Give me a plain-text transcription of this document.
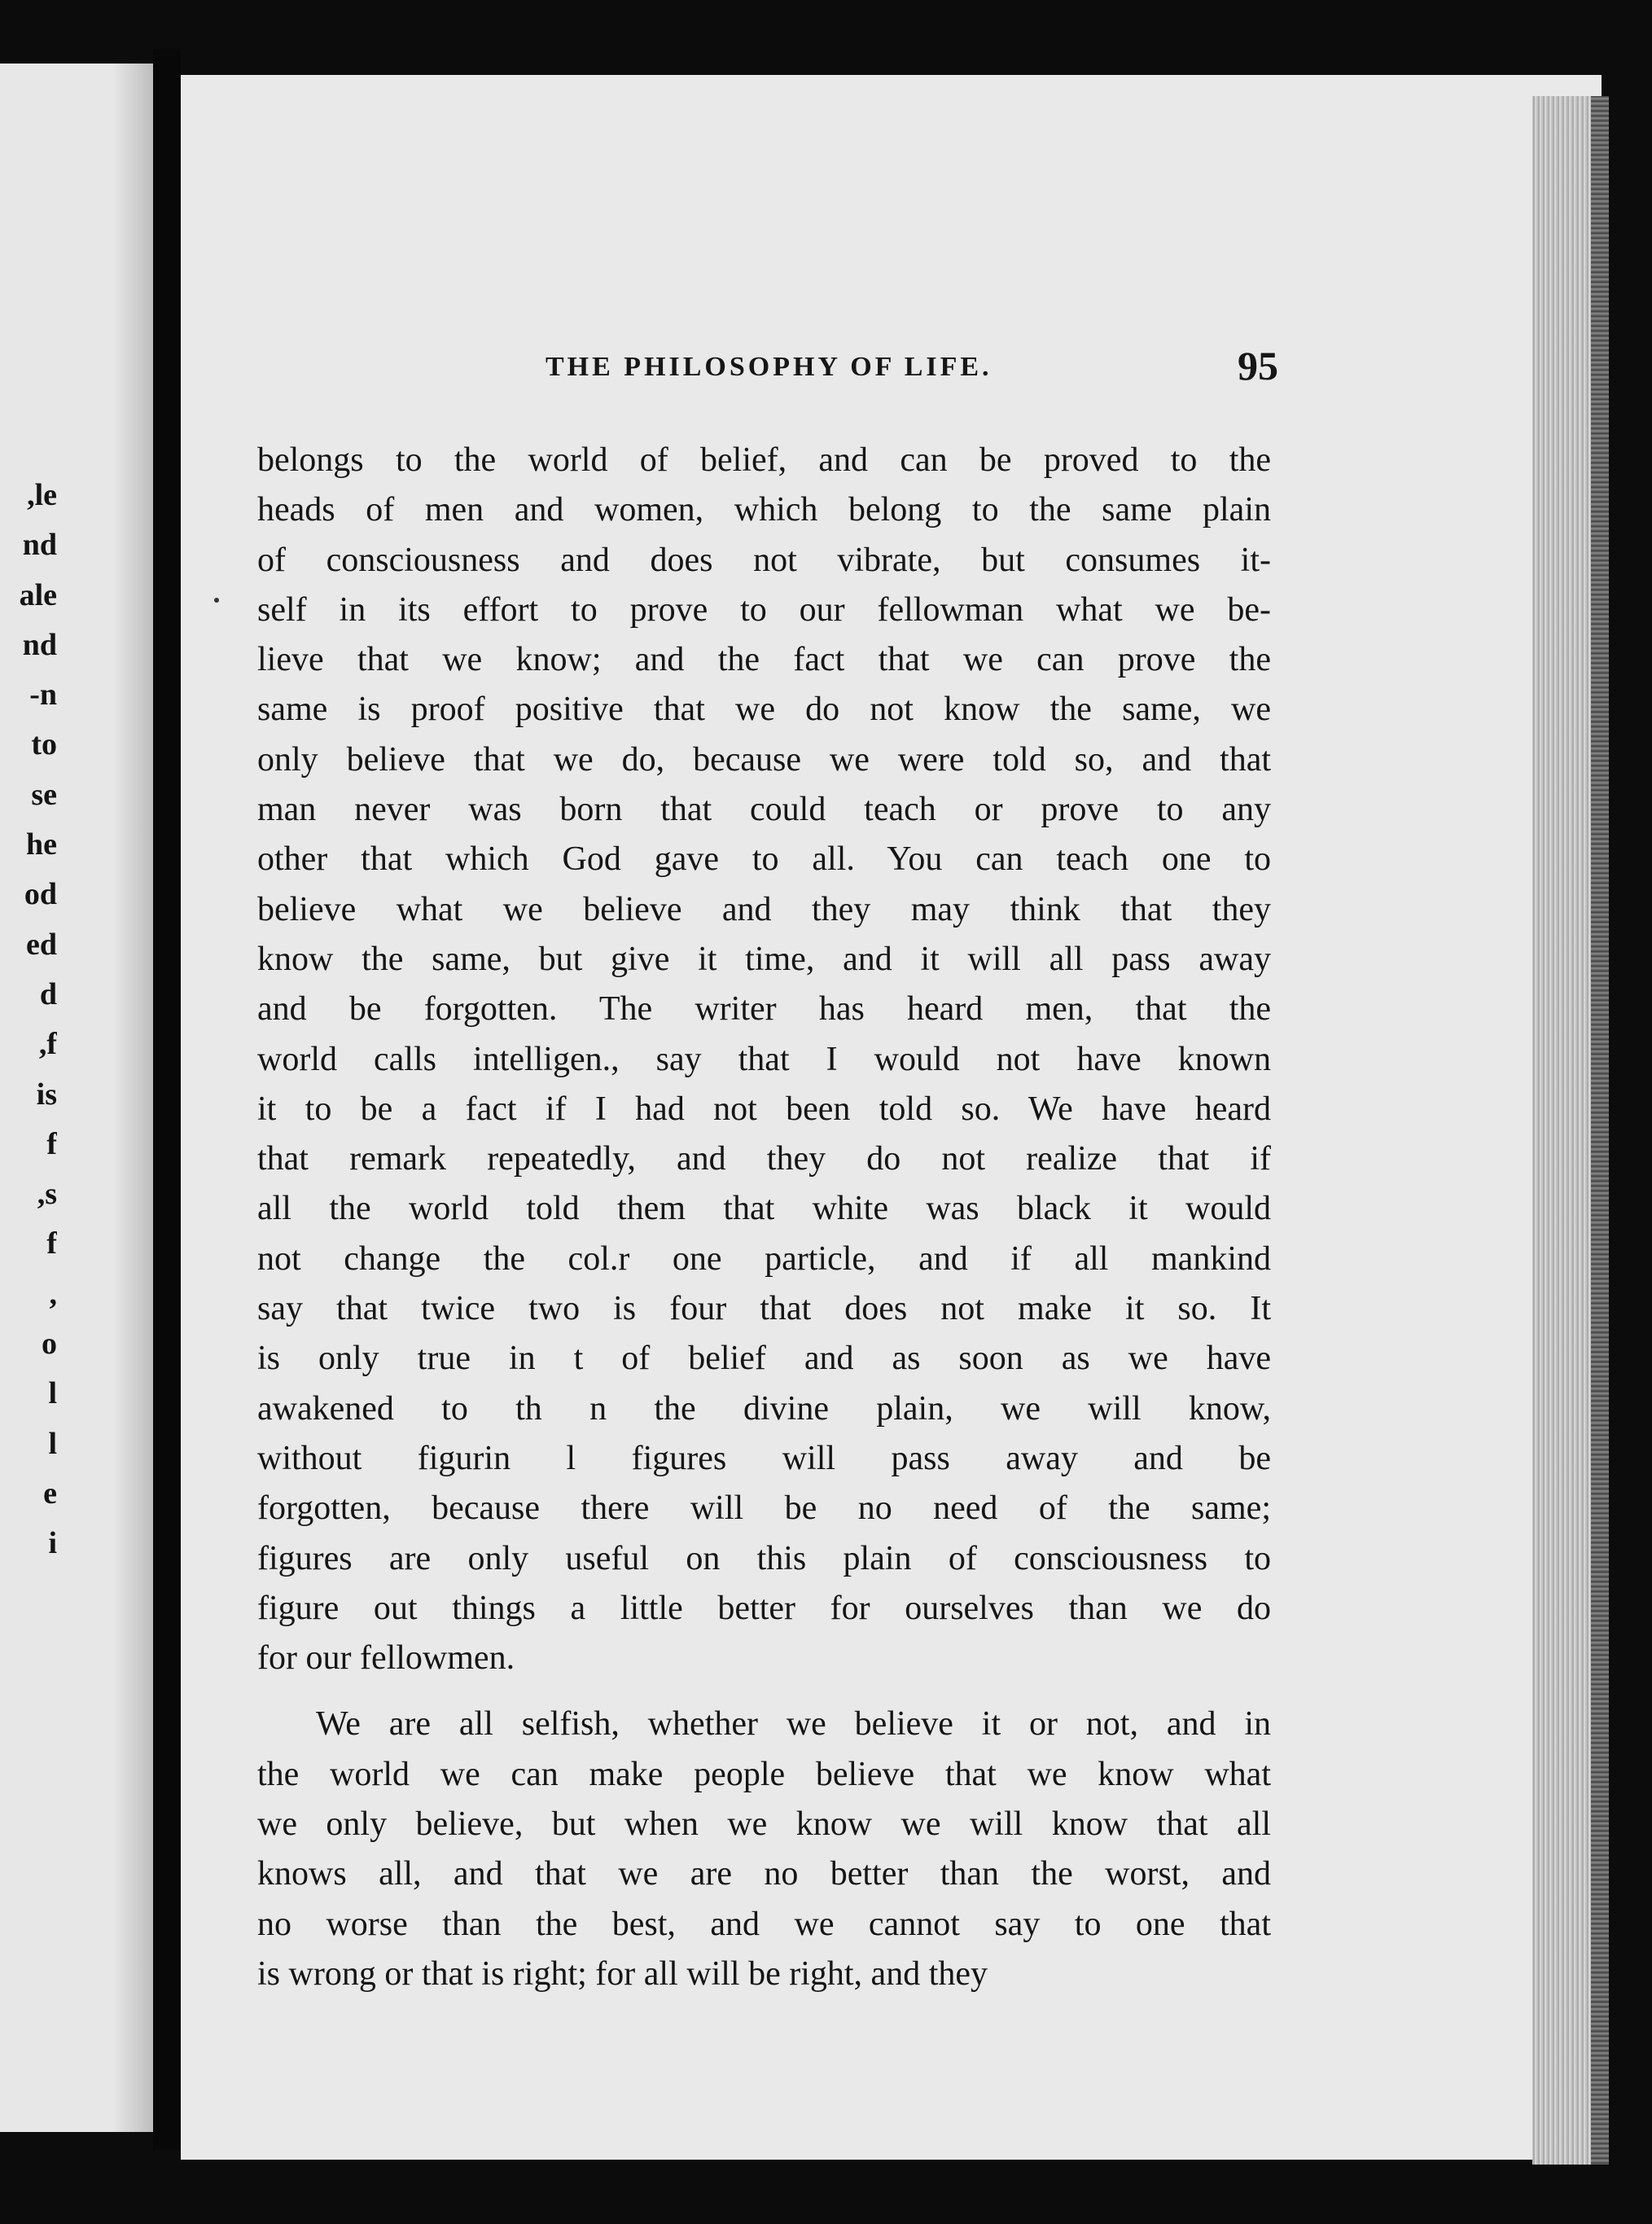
le,
nd
ale
nd
n-
to
se
he
od
ed
d
f,
is
f
s,
f
,
o
l
l
e
i
THE PHILOSOPHY OF LIFE.	95
belongs to the world of belief, and can be proved to the
heads of men and women, which belong to the same plain
of consciousness and does not vibrate, but consumes it-
self in its effort to prove to our fellowman what we be-
lieve that we know; and the fact that we can prove the
same is proof positive that we do not know the same, we
only believe that we do, because we were told so, and that
man never was born that could teach or prove to any
other that which God gave to all. You can teach one to
believe what we believe and they may think that they
know the same, but give it time, and it will all pass away
and be forgotten. The writer has heard men, that the
world calls intelligen., say that I would not have known
it to be a fact if I had not been told so. We have heard
that remark repeatedly, and they do not realize that if
all the world told them that white was black it would
not change the col.r one particle, and if all mankind
say that twice two is four that does not make it so. It
is only true in t of belief and as soon as we have
awakened to th n the divine plain, we will know,
without figurin l figures will pass away and be
forgotten, because there will be no need of the same;
figures are only useful on this plain of consciousness to
figure out things a little better for ourselves than we do
for our fellowmen.
We are all selfish, whether we believe it or not, and in
the world we can make people believe that we know what
we only believe, but when we know we will know that all
knows all, and that we are no better than the worst, and
no worse than the best, and we cannot say to one that
is wrong or that is right; for all will be right, and they
